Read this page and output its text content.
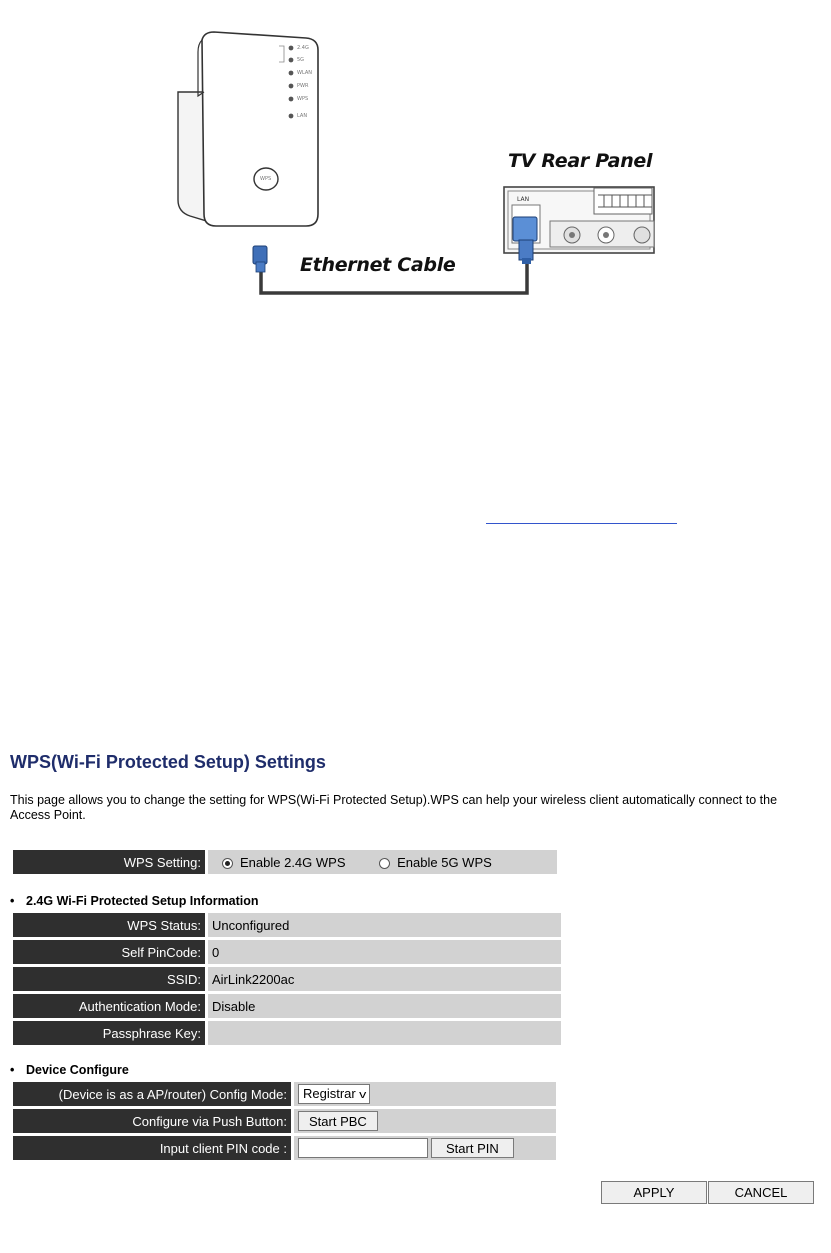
2.4G
5G
WLAN
PWR
WPS
LAN
WPS
LAN
TV Rear Panel
Ethernet Cable
WPS(Wi-Fi Protected Setup) Settings

This page allows you to change the setting for WPS(Wi-Fi Protected Setup).WPS can help your wireless client automatically connect to the Access Point.

WPS Setting:	Enable 2.4G WPS	Enable 5G WPS
• 2.4G Wi-Fi Protected Setup Information
WPS Status:	Unconfigured
Self PinCode:	0
SSID:	AirLink2200ac
Authentication Mode:	Disable
Passphrase Key:	
• Device Configure
(Device is as a AP/router) Config Mode:	Registrar v
Configure via Push Button:	Start PBC
Input client PIN code :	Start PIN
APPLY	CANCEL
